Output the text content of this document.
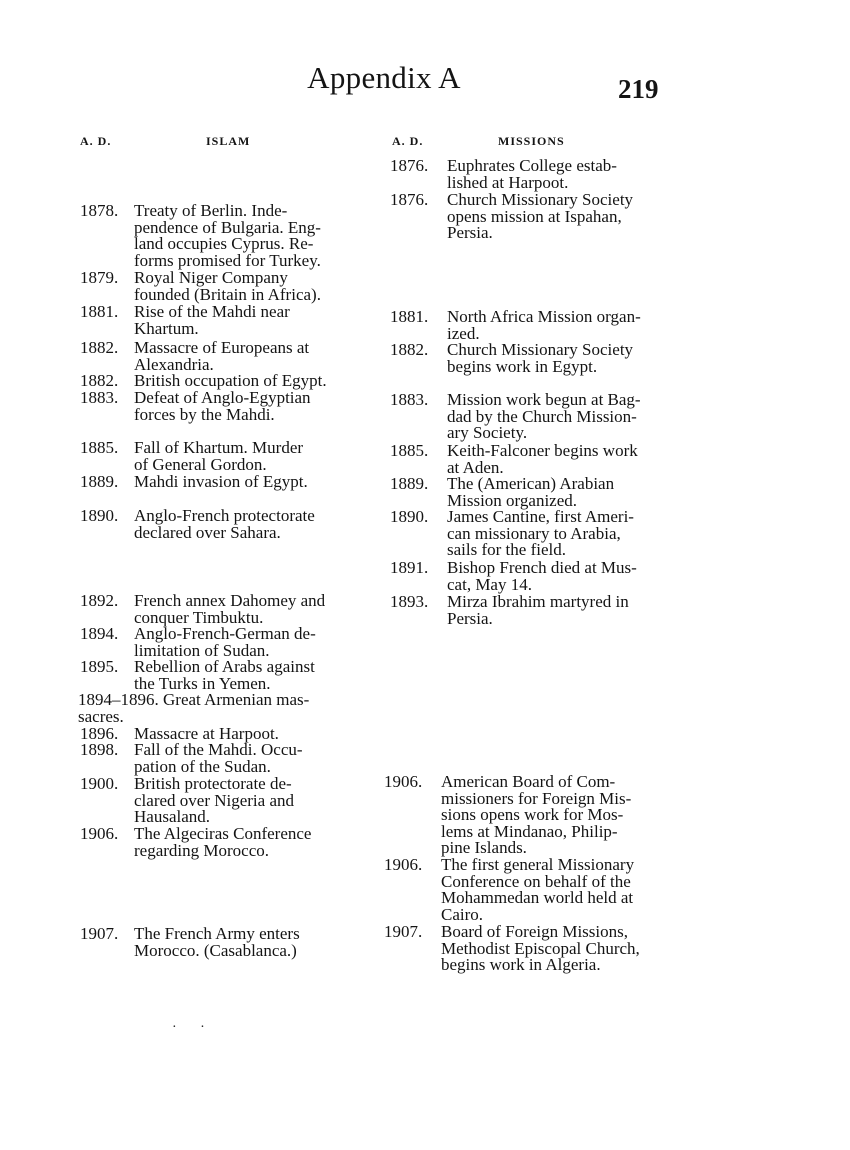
Appendix A	219
A. D.	ISLAM	A. D.	MISSIONS
1878. Treaty of Berlin. Inde-
pendence of Bulgaria. Eng-
land occupies Cyprus. Re-
forms promised for Turkey.
1879. Royal Niger Company
founded (Britain in Africa).
1881. Rise of the Mahdi near
Khartum.
1882. Massacre of Europeans at
Alexandria.
1882. British occupation of Egypt.
1883. Defeat of Anglo-Egyptian
forces by the Mahdi.
1885. Fall of Khartum. Murder
of General Gordon.
1889. Mahdi invasion of Egypt.
1890. Anglo-French protectorate
declared over Sahara.
1892. French annex Dahomey and
conquer Timbuktu.
1894. Anglo-French-German de-
limitation of Sudan.
1895. Rebellion of Arabs against
the Turks in Yemen.
1894–1896. Great Armenian mas-
sacres.
1896. Massacre at Harpoot.
1898. Fall of the Mahdi. Occu-
pation of the Sudan.
1900. British protectorate de-
clared over Nigeria and
Hausaland.
1906. The Algeciras Conference
regarding Morocco.
1907. The French Army enters
Morocco. (Casablanca.)
1876. Euphrates College estab-
lished at Harpoot.
1876. Church Missionary Society
opens mission at Ispahan,
Persia.
1881. North Africa Mission organ-
ized.
1882. Church Missionary Society
begins work in Egypt.
1883. Mission work begun at Bag-
dad by the Church Mission-
ary Society.
1885. Keith-Falconer begins work
at Aden.
1889. The (American) Arabian
Mission organized.
1890. James Cantine, first Ameri-
can missionary to Arabia,
sails for the field.
1891. Bishop French died at Mus-
cat, May 14.
1893. Mirza Ibrahim martyred in
Persia.
1906. American Board of Com-
missioners for Foreign Mis-
sions opens work for Mos-
lems at Mindanao, Philip-
pine Islands.
1906. The first general Missionary
Conference on behalf of the
Mohammedan world held at
Cairo.
1907. Board of Foreign Missions,
Methodist Episcopal Church,
begins work in Algeria.
· ·
